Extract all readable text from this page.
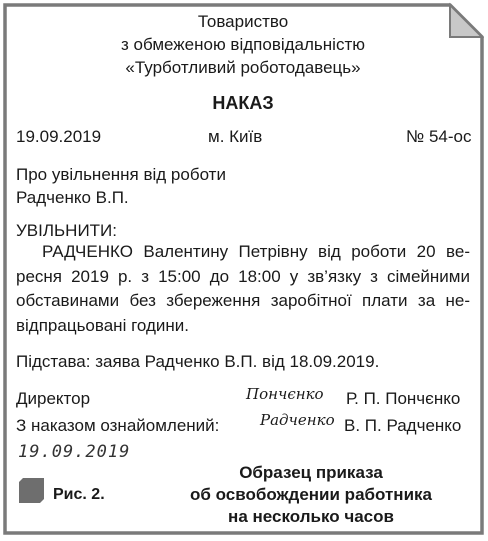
Товариство
з обмеженою відповідальністю
«Турботливий роботодавець»
НАКАЗ
19.09.2019	м. Київ	№ 54-ос
Про увільнення від роботи
Радченко В.П.
УВІЛЬНИТИ:
РАДЧЕНКО Валентину Петрівну від роботи 20 ве-
ресня 2019 р. з 15:00 до 18:00 у зв’язку з сімейними
обставинами без збереження заробітної плати за не-
відпрацьовані години.
Підстава: заява Радченко В.П. від 18.09.2019.
Директор	Пончєнко Р. П. Пончєнко
З наказом ознайомлений:	Радченко В. П. Радченко
19.09.2019
Рис. 2.
Образец приказа
об освобождении работника
на несколько часов
